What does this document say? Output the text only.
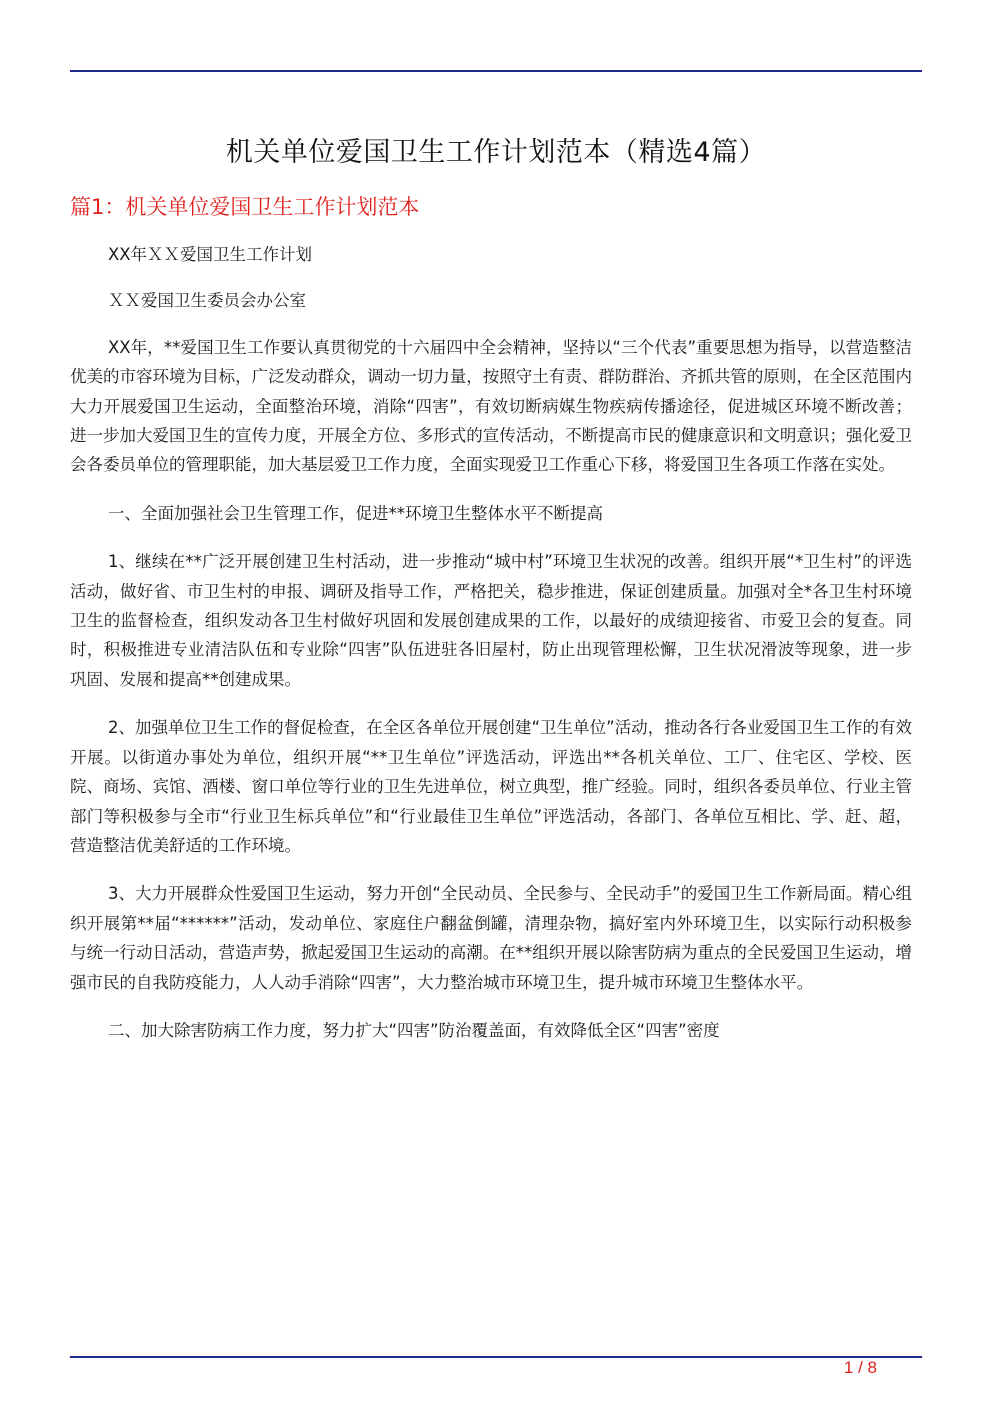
机关单位爱国卫生工作计划范本（精选4篇）
篇1：机关单位爱国卫生工作计划范本

XX年ＸＸ爱国卫生工作计划

ＸＸ爱国卫生委员会办公室

XX年，**爱国卫生工作要认真贯彻党的十六届四中全会精神，坚持以“三个代表”重要思想为指导，以营造整洁优美的市容环境为目标，广泛发动群众，调动一切力量，按照守土有责、群防群治、齐抓共管的原则，在全区范围内大力开展爱国卫生运动，全面整治环境，消除“四害”，有效切断病媒生物疾病传播途径，促进城区环境不断改善；进一步加大爱国卫生的宣传力度，开展全方位、多形式的宣传活动，不断提高市民的健康意识和文明意识；强化爱卫会各委员单位的管理职能，加大基层爱卫工作力度，全面实现爱卫工作重心下移，将爱国卫生各项工作落在实处。

一、全面加强社会卫生管理工作，促进**环境卫生整体水平不断提高

1、继续在**广泛开展创建卫生村活动，进一步推动“城中村”环境卫生状况的改善。组织开展“*卫生村”的评选活动，做好省、市卫生村的申报、调研及指导工作，严格把关，稳步推进，保证创建质量。加强对全*各卫生村环境卫生的监督检查，组织发动各卫生村做好巩固和发展创建成果的工作，以最好的成绩迎接省、市爱卫会的复查。同时，积极推进专业清洁队伍和专业除“四害”队伍进驻各旧屋村，防止出现管理松懈，卫生状况滑波等现象，进一步巩固、发展和提高**创建成果。

2、加强单位卫生工作的督促检查，在全区各单位开展创建“卫生单位”活动，推动各行各业爱国卫生工作的有效开展。以街道办事处为单位，组织开展“**卫生单位”评选活动，评选出**各机关单位、工厂、住宅区、学校、医院、商场、宾馆、酒楼、窗口单位等行业的卫生先进单位，树立典型，推广经验。同时，组织各委员单位、行业主管部门等积极参与全市“行业卫生标兵单位”和“行业最佳卫生单位”评选活动，各部门、各单位互相比、学、赶、超，营造整洁优美舒适的工作环境。

3、大力开展群众性爱国卫生运动，努力开创“全民动员、全民参与、全民动手”的爱国卫生工作新局面。精心组织开展第**届“******”活动，发动单位、家庭住户翻盆倒罐，清理杂物，搞好室内外环境卫生，以实际行动积极参与统一行动日活动，营造声势，掀起爱国卫生运动的高潮。在**组织开展以除害防病为重点的全民爱国卫生运动，增强市民的自我防疫能力，人人动手消除“四害”，大力整治城市环境卫生，提升城市环境卫生整体水平。

二、加大除害防病工作力度，努力扩大“四害”防治覆盖面，有效降低全区“四害”密度

1 / 8
